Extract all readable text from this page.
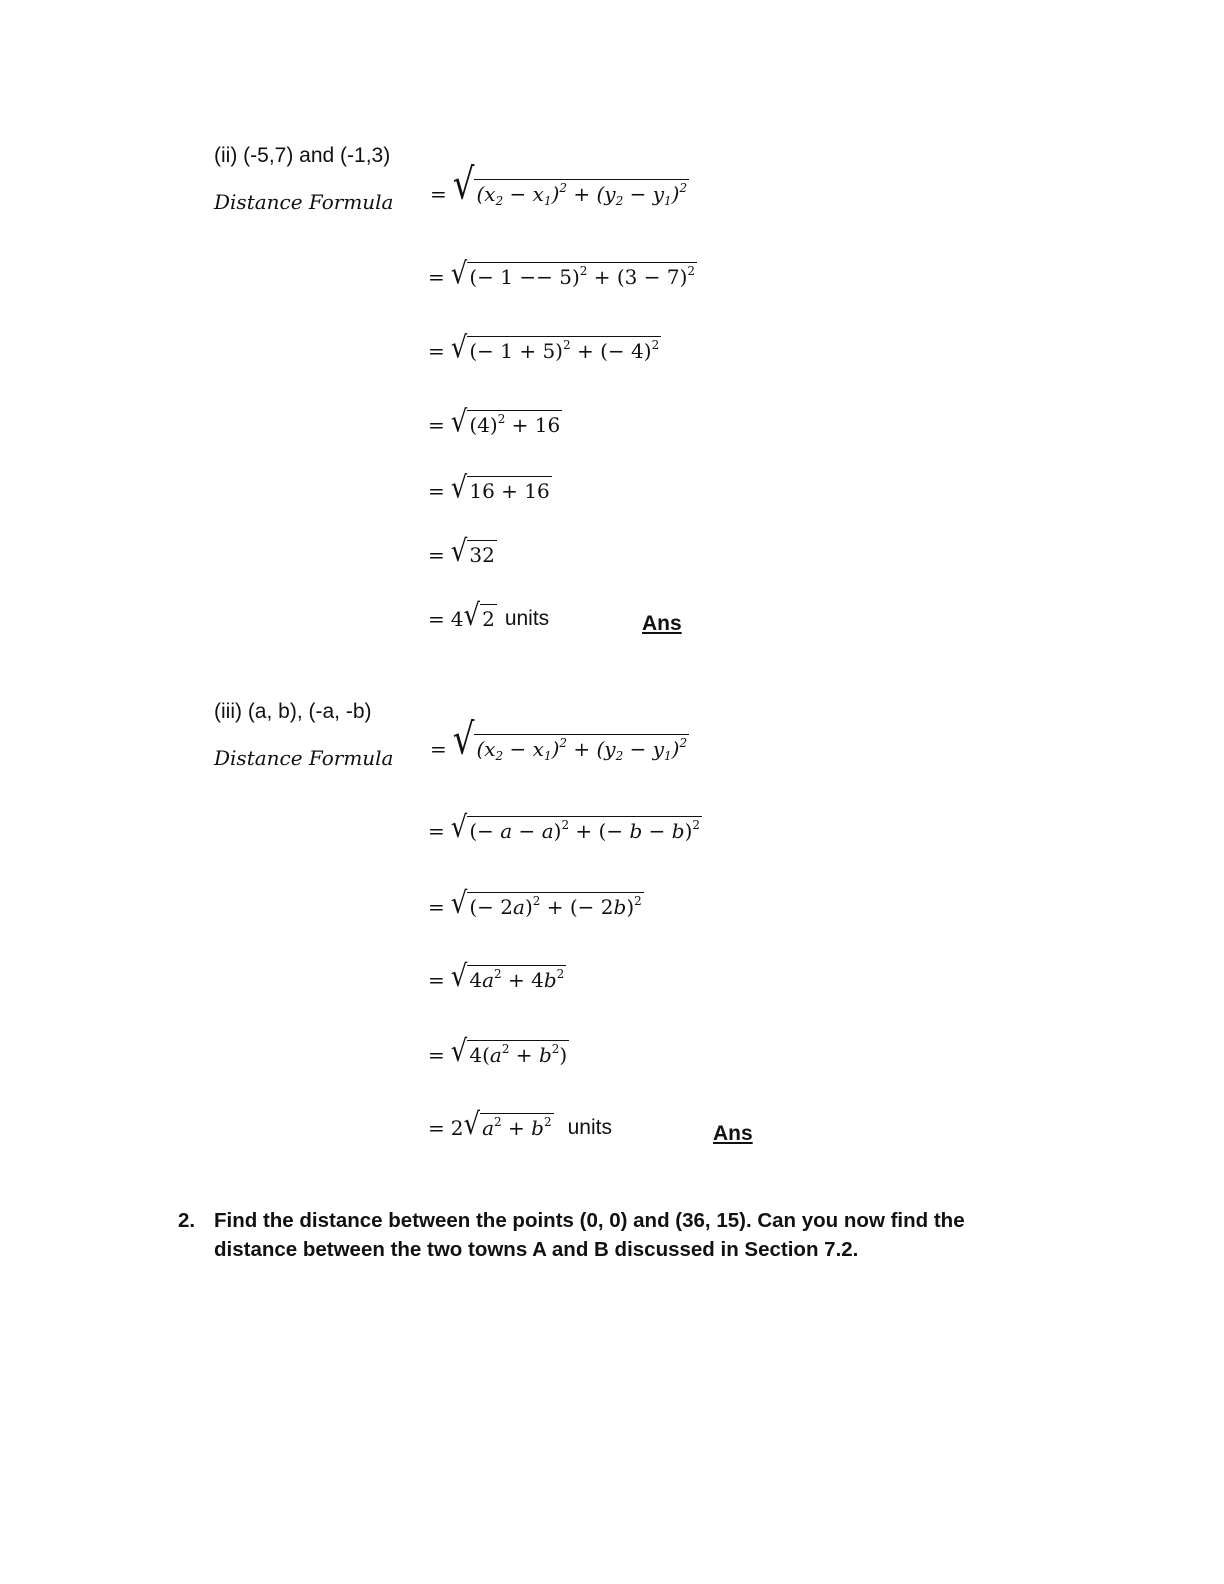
(ii) (-5,7) and (-1,3)
Distance Formula = √ $(x_2 - x_1)^2 + (y_2 - y_1)^2$
= √ (− $1 -- 5)^2 + (3 - 7)^2$
= √ (− 1 + 5)$^2$ + (− 4)$^2$
= √ $(4)^2 + 16$
= √ 16 + 16
= √ 32
= 4 √ 2 units	Ans
(iii) (a, b), (-a, -b)
Distance Formula = √ $(x_2 - x_1)^2 + (y_2 - y_1)^2$
= √ (− a − a)$^2$ + (− b − b)$^2$
= √ (− 2a)$^2$ + (− 2b)$^2$
= √ $4a^2 + 4b^2$
= √ $4(a^2 + b^2)$
= 2 √ $a^2 + b^2$ units	Ans
2. Find the distance between the points (0, 0) and (36, 15). Can you now find the
distance between the two towns A and B discussed in Section 7.2.
